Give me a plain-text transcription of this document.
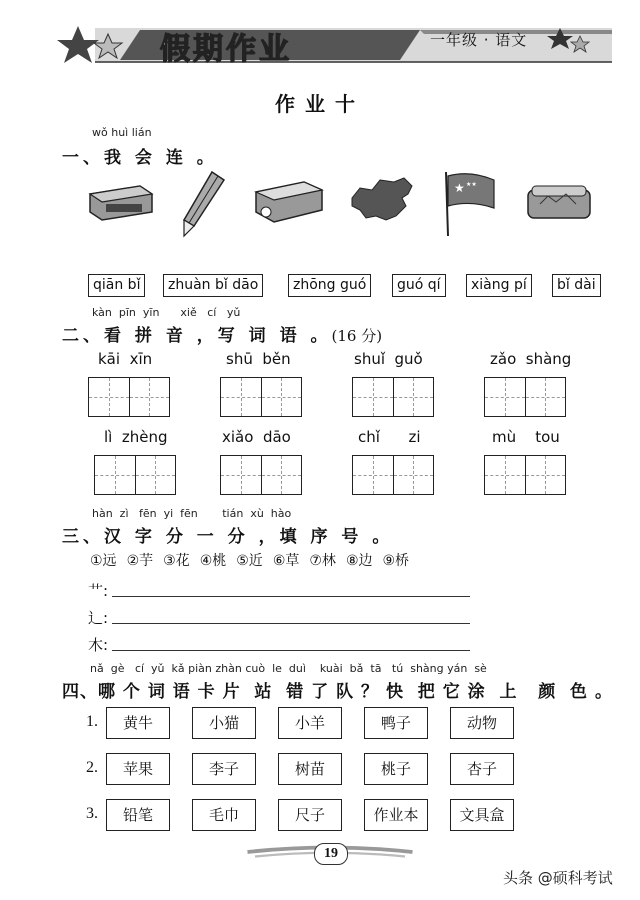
假期作业	一年级 · 语文
作业十
wǒ huì lián
一、我 会 连 。
★ ★★
qiān bǐ	zhuàn bǐ dāo	zhōng guó	guó qí	xiàng pí	bǐ dài
kàn  pīn  yīn      xiě   cí   yǔ
二、看 拼 音 ，写 词 语 。(16 分)
kāi  xīn	shū  běn	shuǐ  guǒ	zǎo  shàng
lì  zhèng	xiǎo  dāo	chǐ      zi	mù    tou
hàn  zì   fēn  yi  fēn       tián  xù  hào
三、汉 字 分 一 分 ，填 序 号 。
①远 ②芋 ③花 ④桃 ⑤近 ⑥草 ⑦林 ⑧边 ⑨桥
艹:
辶:
木:
nǎ  gè   cí  yǔ  kǎ piàn zhàn cuò  le  duì    kuài  bǎ  tā   tú  shàng yán  sè
四、哪 个 词 语 卡 片  站  错 了 队 ？ 快  把 它 涂  上   颜  色 。
1.	黄牛	小猫	小羊	鸭子	动物
2.	苹果	李子	树苗	桃子	杏子
3.	铅笔	毛巾	尺子	作业本	文具盒
19
头条 @硕科考试
